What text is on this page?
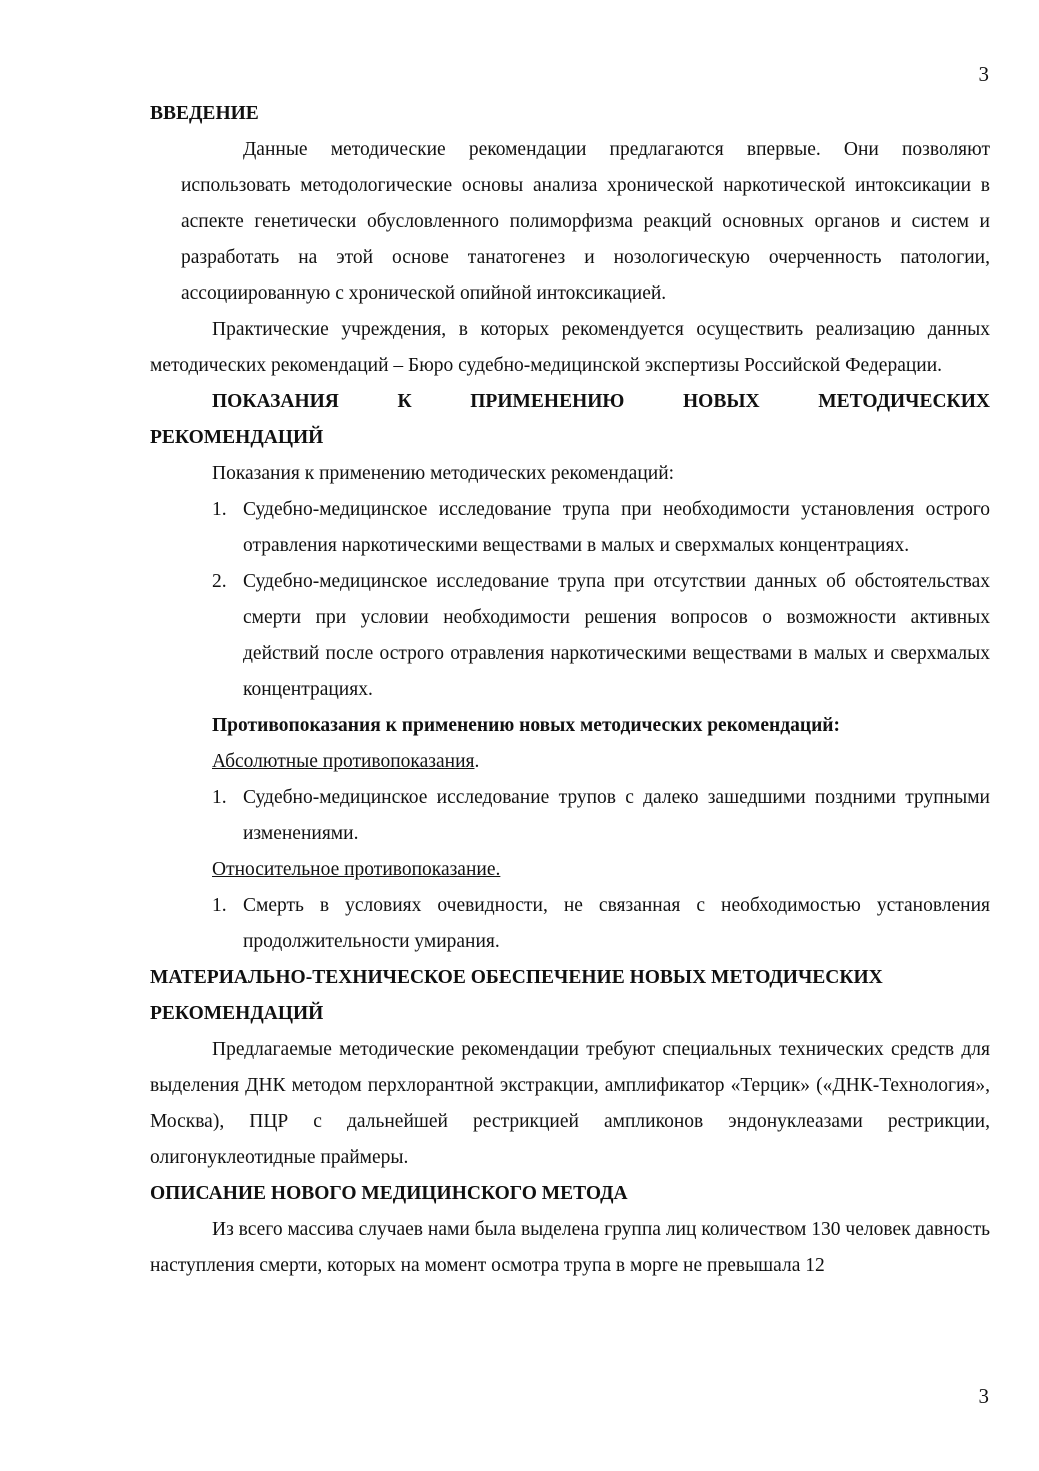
3

ВВЕДЕНИЕ

Данные методические рекомендации предлагаются впервые. Они позволяют использовать методологические основы анализа хронической наркотической интоксикации в аспекте генетически обусловленного полиморфизма реакций основных органов и систем и разработать на этой основе танатогенез и нозологическую очерченность патологии, ассоциированную с хронической опийной интоксикацией.

Практические учреждения, в которых рекомендуется осуществить реализацию данных методических рекомендаций – Бюро судебно-медицинской экспертизы Российской Федерации.

ПОКАЗАНИЯ	К	ПРИМЕНЕНИЮ	НОВЫХ	МЕТОДИЧЕСКИХ

РЕКОМЕНДАЦИЙ

Показания к применению методических рекомендаций:

1. Судебно-медицинское исследование трупа при необходимости установления острого отравления наркотическими веществами в малых и сверхмалых концентрациях.
2. Судебно-медицинское исследование трупа при отсутствии данных об обстоятельствах смерти при условии необходимости решения вопросов о возможности активных действий после острого отравления наркотическими веществами в малых и сверхмалых концентрациях.

Противопоказания к применению новых методических рекомендаций:

Абсолютные противопоказания.

1. Судебно-медицинское исследование трупов с далеко зашедшими поздними трупными изменениями.

Относительное противопоказание.

1. Смерть в условиях очевидности, не связанная с необходимостью установления продолжительности умирания.

МАТЕРИАЛЬНО-ТЕХНИЧЕСКОЕ ОБЕСПЕЧЕНИЕ НОВЫХ МЕТОДИЧЕСКИХ

РЕКОМЕНДАЦИЙ

Предлагаемые методические рекомендации требуют специальных технических средств для выделения ДНК методом перхлорантной экстракции, амплификатор «Терцик» («ДНК-Технология», Москва), ПЦР с дальнейшей рестрикцией ампликонов эндонуклеазами рестрикции, олигонуклеотидные праймеры.

ОПИСАНИЕ НОВОГО МЕДИЦИНСКОГО МЕТОДА

Из всего массива случаев нами была выделена группа лиц количеством 130 человек давность наступления смерти, которых на момент осмотра трупа в морге не превышала 12

3
